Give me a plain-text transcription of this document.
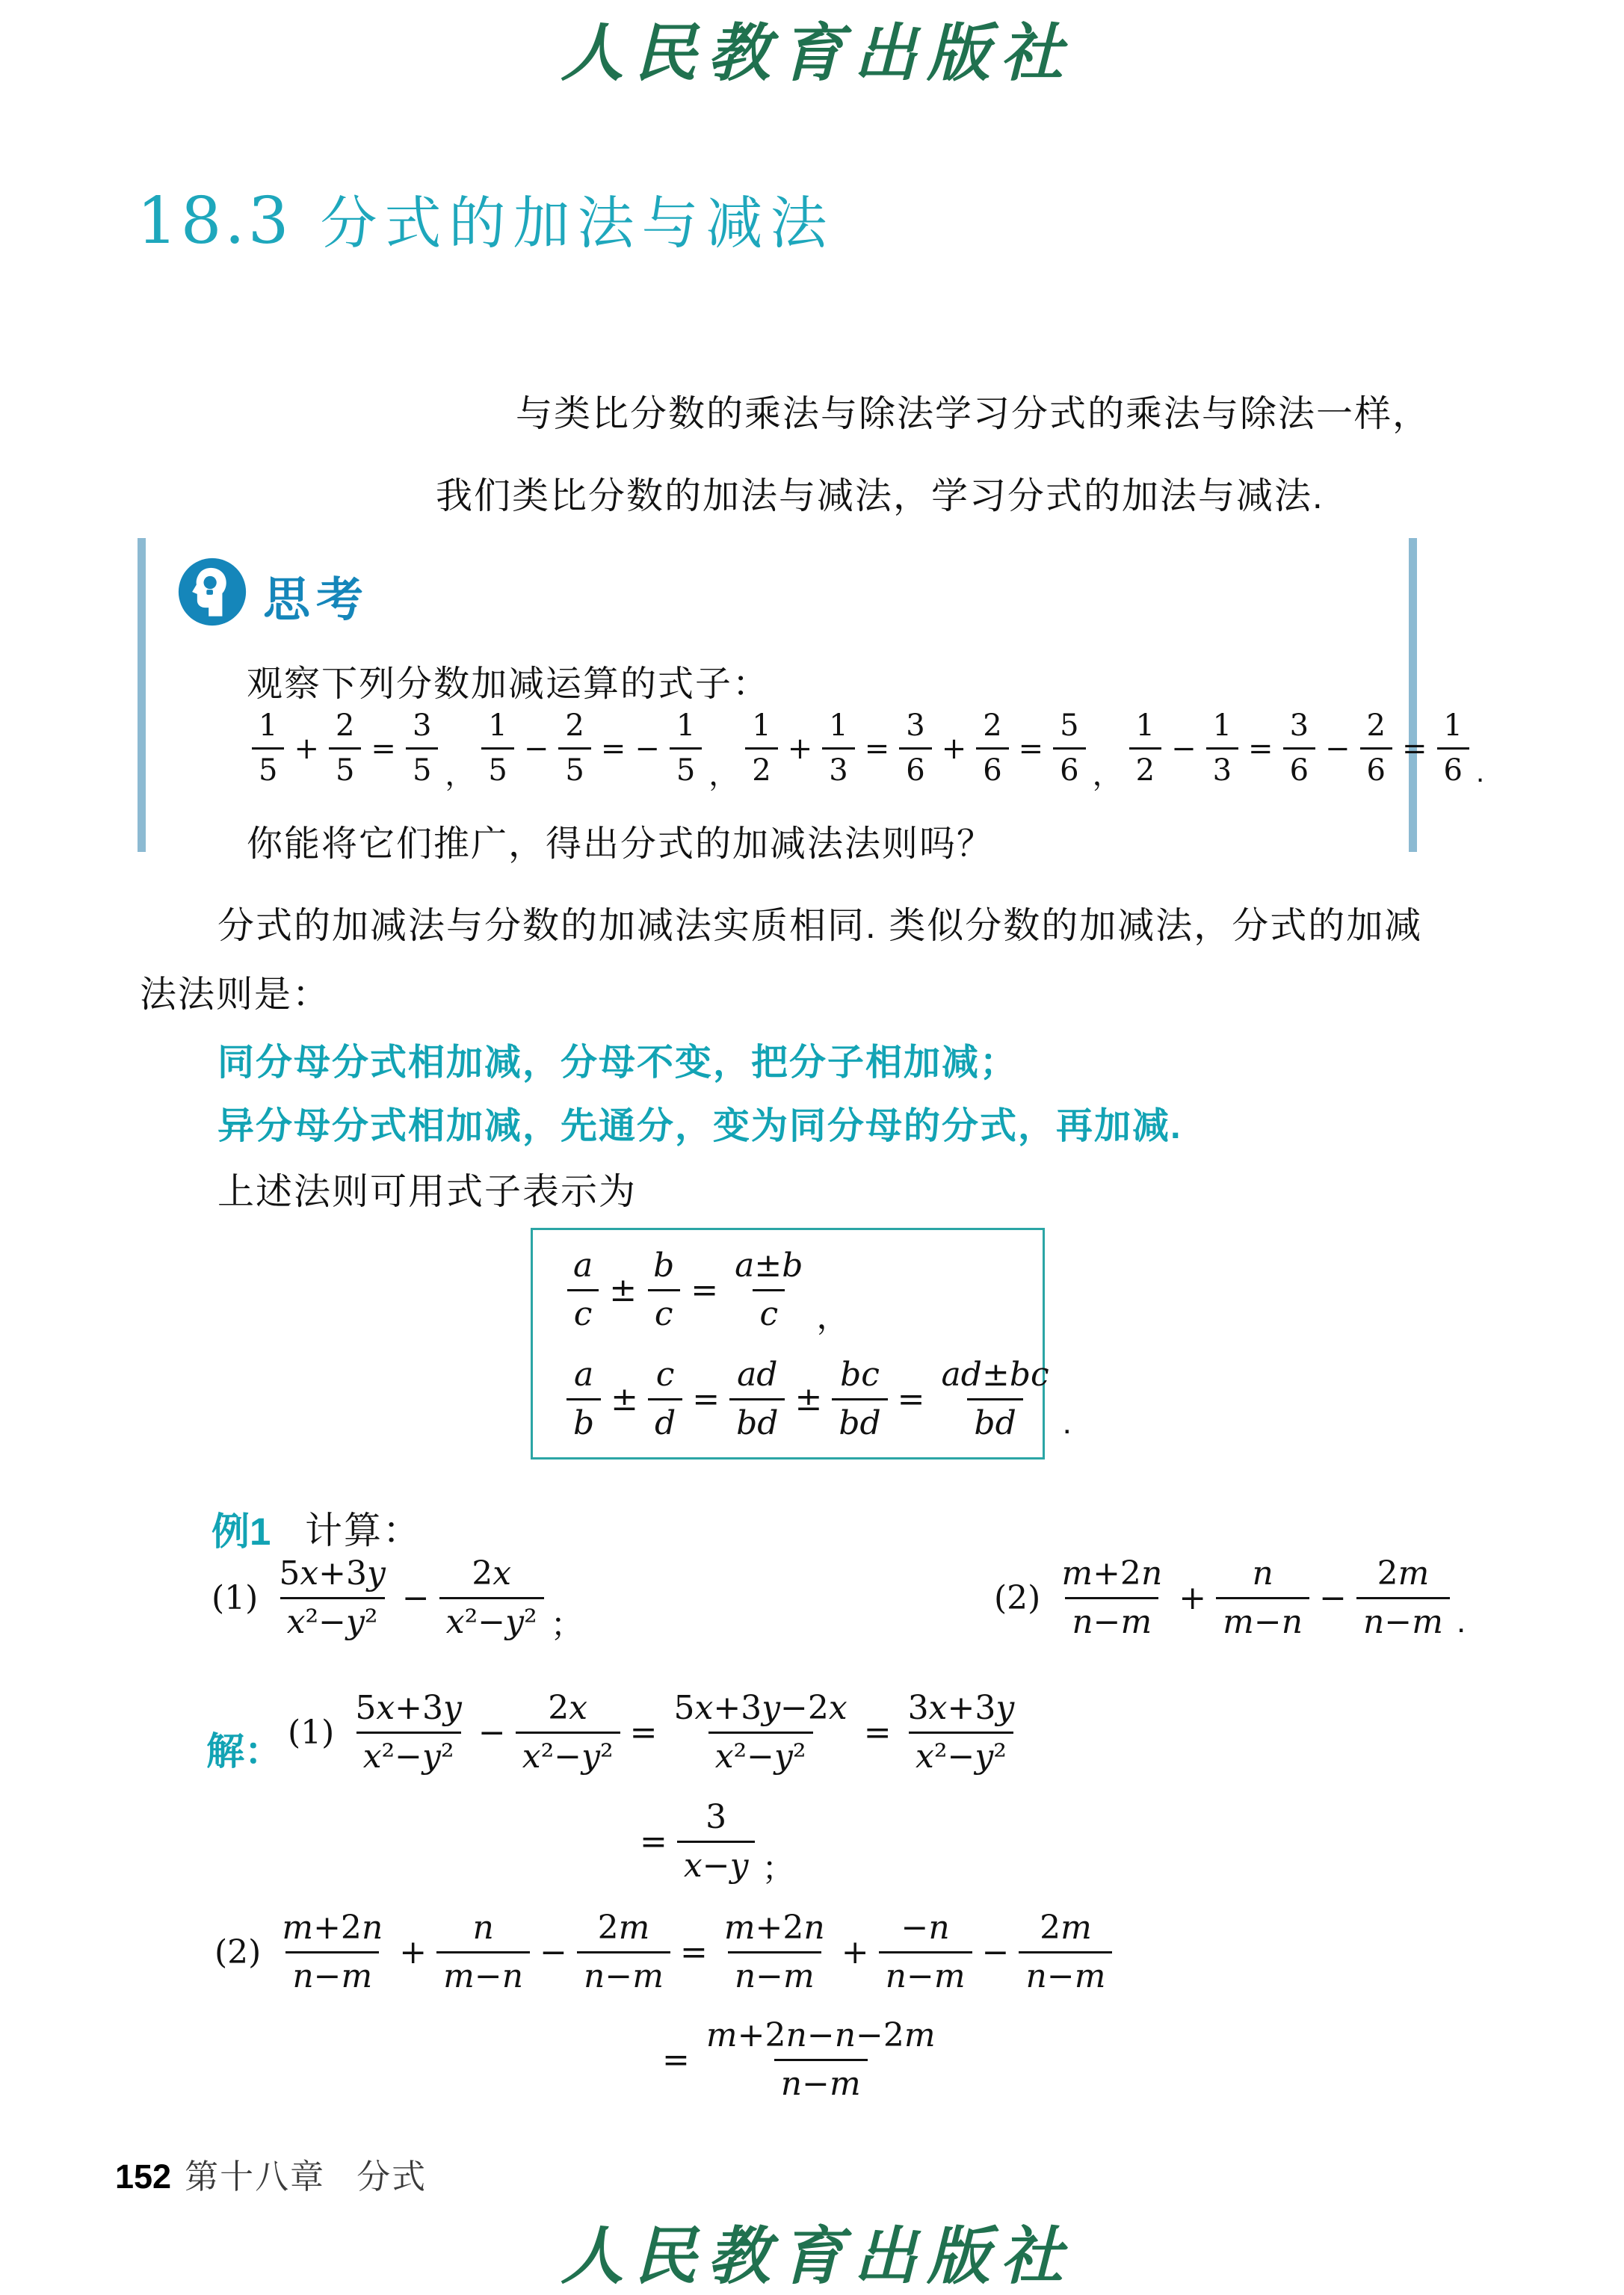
人民教育出版社
18.3 分式的加法与减法
与类比分数的乘法与除法学习分式的乘法与除法一样，
我们类比分数的加法与减法，学习分式的加法与减法.
思考
观察下列分数加减运算的式子：
$\frac{1}{5} + \frac{2}{5} = \frac{3}{5}$ ， $\frac{1}{5} - \frac{2}{5}$ = − $\frac{1}{5}$ ， $\frac{1}{2} + \frac{1}{3} = \frac{3}{6} + \frac{2}{6} = \frac{5}{6}$ ， $\frac{1}{2} - \frac{1}{3} = \frac{3}{6} - \frac{2}{6} = \frac{1}{6}$ .
你能将它们推广，得出分式的加减法法则吗？
分式的加减法与分数的加减法实质相同. 类似分数的加减法，分式的加减
法法则是：
同分母分式相加减，分母不变，把分子相加减；
异分母分式相加减，先通分，变为同分母的分式，再加减.
上述法则可用式子表示为
$\frac{a}{c} \pm \frac{b}{c} = \frac{a\pm b}{c}$ ，
$\frac{a}{b} \pm \frac{c}{d} = \frac{ad}{bd} \pm \frac{bc}{bd} = \frac{ad\pm bc}{bd}$ .
例1 计算：
$(1) \frac{5x+3y}{\text{x²−y²}} - \frac{2x}{\text{x²−y²}}$ ；
$(2) \frac{m+2n}{n-m} + \frac{n}{m-n} - \frac{2m}{n-m}$ .
解： $(1) \frac{5x+3y}{\text{x²−y²}} - \frac{2x}{\text{x²−y²}} = \frac{5x+3y-2x}{\text{x²−y²}} = \frac{3x+3y}{\text{x²−y²}}$
= $\frac{3}{x-y}$ ；
$(2) \frac{m+2n}{n-m} + \frac{n}{m-n} - \frac{2m}{n-m} = \frac{m+2n}{n-m} + \frac{-n}{n-m} - \frac{2m}{n-m}$
= $\frac{m+2n-n-2m}{n-m}$
152 第十八章 分式
人民教育出版社
